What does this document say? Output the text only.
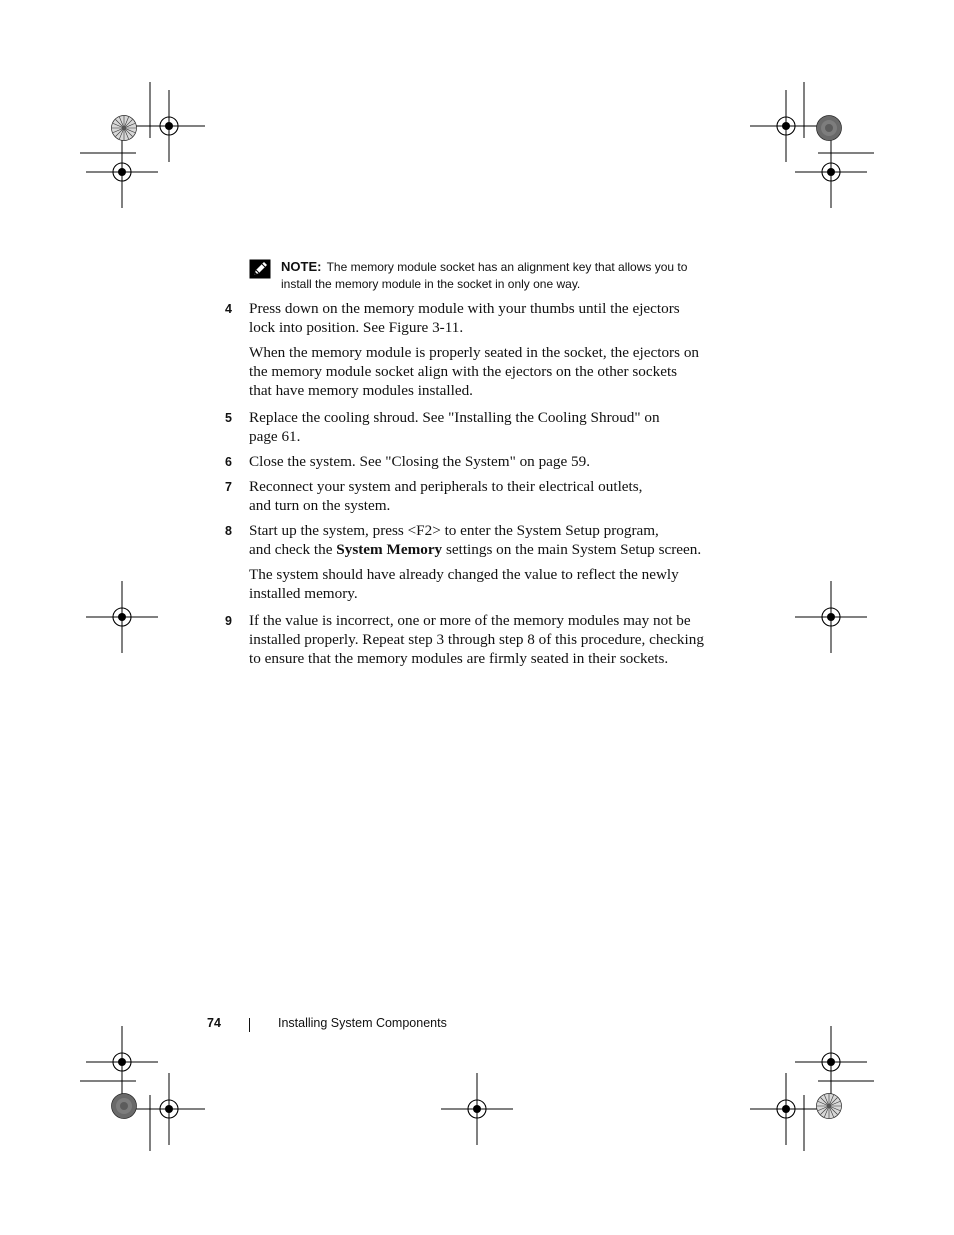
NOTE: The memory module socket has an alignment key that allows you to
install the memory module in the socket in only one way.
4 Press down on the memory module with your thumbs until the ejectors
lock into position. See Figure 3-11.

When the memory module is properly seated in the socket, the ejectors on
the memory module socket align with the ejectors on the other sockets
that have memory modules installed.

5 Replace the cooling shroud. See "Installing the Cooling Shroud" on
page 61.

6 Close the system. See "Closing the System" on page 59.

7 Reconnect your system and peripherals to their electrical outlets,
and turn on the system.

8 Start up the system, press <F2> to enter the System Setup program,
and check the System Memory settings on the main System Setup screen.

The system should have already changed the value to reflect the newly
installed memory.

9 If the value is incorrect, one or more of the memory modules may not be
installed properly. Repeat step 3 through step 8 of this procedure, checking
to ensure that the memory modules are firmly seated in their sockets.

74	Installing System Components
